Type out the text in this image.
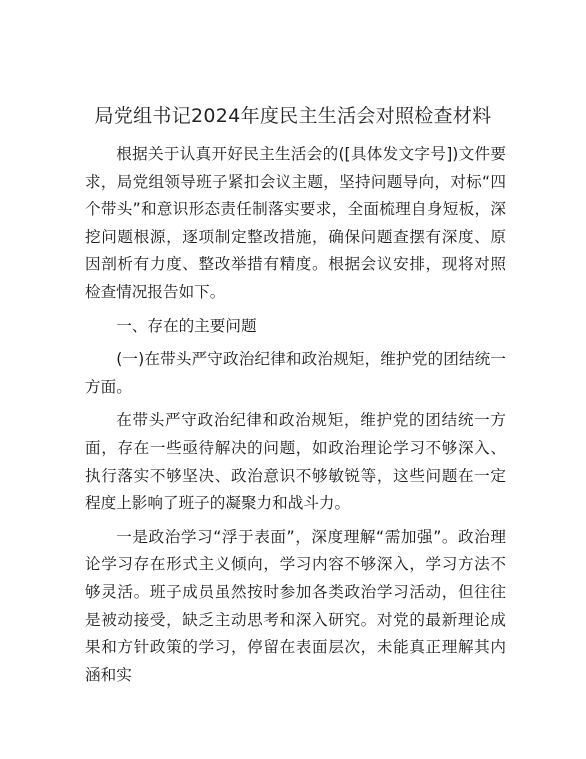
局党组书记2024年度民主生活会对照检查材料

根据关于认真开好民主生活会的([具体发文字号])文件要求，局党组领导班子紧扣会议主题，坚持问题导向，对标“四个带头”和意识形态责任制落实要求，全面梳理自身短板，深挖问题根源，逐项制定整改措施，确保问题查摆有深度、原因剖析有力度、整改举措有精度。根据会议安排，现将对照检查情况报告如下。

一、存在的主要问题

(一)在带头严守政治纪律和政治规矩，维护党的团结统一方面。

在带头严守政治纪律和政治规矩，维护党的团结统一方面，存在一些亟待解决的问题，如政治理论学习不够深入、执行落实不够坚决、政治意识不够敏锐等，这些问题在一定程度上影响了班子的凝聚力和战斗力。

一是政治学习“浮于表面”，深度理解“需加强”。政治理论学习存在形式主义倾向，学习内容不够深入，学习方法不够灵活。班子成员虽然按时参加各类政治学习活动，但往往是被动接受，缺乏主动思考和深入研究。对党的最新理论成果和方针政策的学习，停留在表面层次，未能真正理解其内涵和实
